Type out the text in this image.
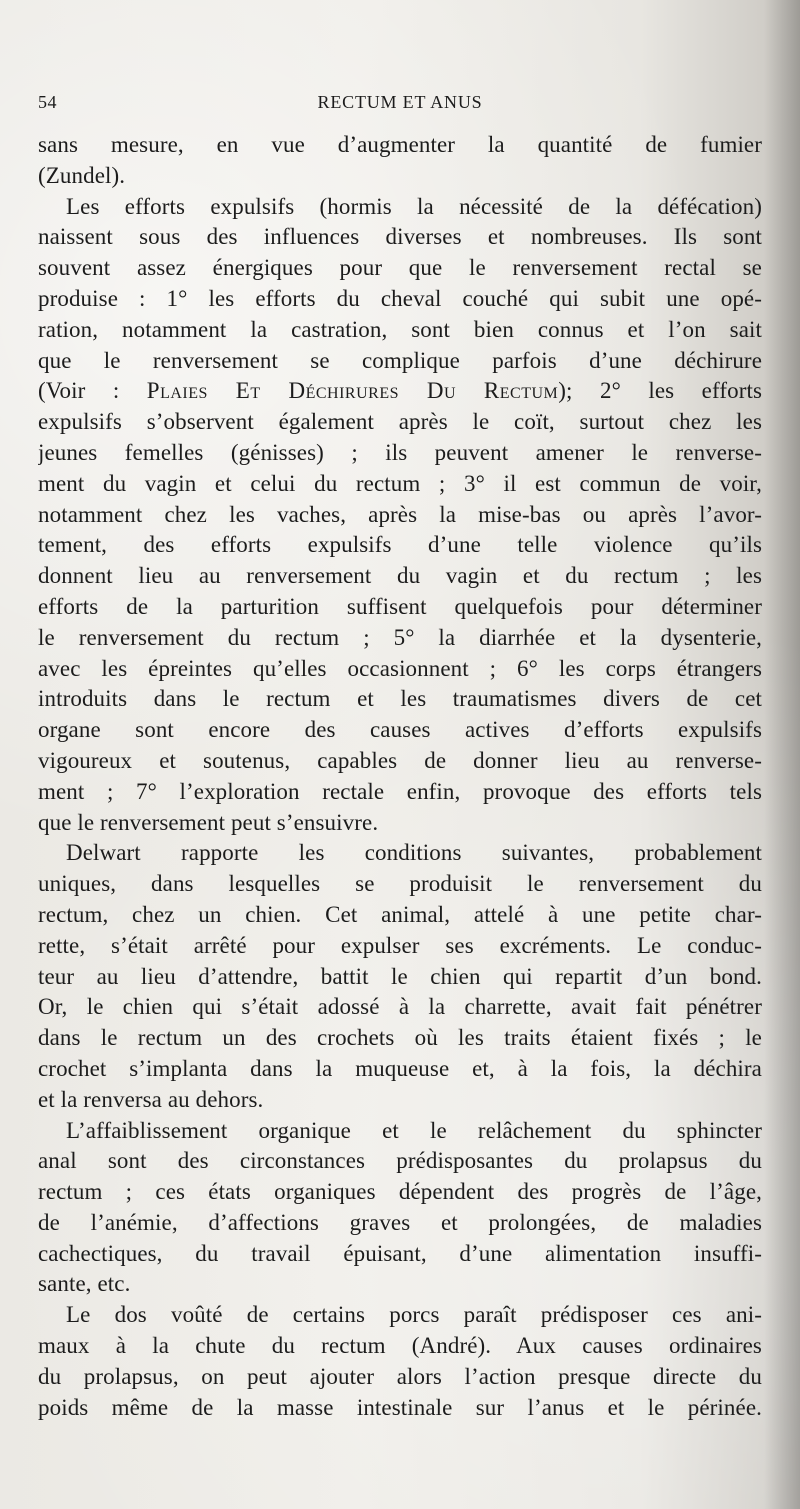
54	RECTUM ET ANUS
sans mesure, en vue d’augmenter la quantité de fumier
(Zundel).
Les efforts expulsifs (hormis la nécessité de la défécation)
naissent sous des influences diverses et nombreuses. Ils sont
souvent assez énergiques pour que le renversement rectal se
produise : 1° les efforts du cheval couché qui subit une opé-
ration, notamment la castration, sont bien connus et l’on sait
que le renversement se complique parfois d’une déchirure
(Voir : Plaies Et Déchirures Du Rectum); 2° les efforts
expulsifs s’observent également après le coït, surtout chez les
jeunes femelles (génisses) ; ils peuvent amener le renverse-
ment du vagin et celui du rectum ; 3° il est commun de voir,
notamment chez les vaches, après la mise-bas ou après l’avor-
tement, des efforts expulsifs d’une telle violence qu’ils
donnent lieu au renversement du vagin et du rectum ; les
efforts de la parturition suffisent quelquefois pour déterminer
le renversement du rectum ; 5° la diarrhée et la dysenterie,
avec les épreintes qu’elles occasionnent ; 6° les corps étrangers
introduits dans le rectum et les traumatismes divers de cet
organe sont encore des causes actives d’efforts expulsifs
vigoureux et soutenus, capables de donner lieu au renverse-
ment ; 7° l’exploration rectale enfin, provoque des efforts tels
que le renversement peut s’ensuivre.
Delwart rapporte les conditions suivantes, probablement
uniques, dans lesquelles se produisit le renversement du
rectum, chez un chien. Cet animal, attelé à une petite char-
rette, s’était arrêté pour expulser ses excréments. Le conduc-
teur au lieu d’attendre, battit le chien qui repartit d’un bond.
Or, le chien qui s’était adossé à la charrette, avait fait pénétrer
dans le rectum un des crochets où les traits étaient fixés ; le
crochet s’implanta dans la muqueuse et, à la fois, la déchira
et la renversa au dehors.
L’affaiblissement organique et le relâchement du sphincter
anal sont des circonstances prédisposantes du prolapsus du
rectum ; ces états organiques dépendent des progrès de l’âge,
de l’anémie, d’affections graves et prolongées, de maladies
cachectiques, du travail épuisant, d’une alimentation insuffi-
sante, etc.
Le dos voûté de certains porcs paraît prédisposer ces ani-
maux à la chute du rectum (André). Aux causes ordinaires
du prolapsus, on peut ajouter alors l’action presque directe du
poids même de la masse intestinale sur l’anus et le périnée.
